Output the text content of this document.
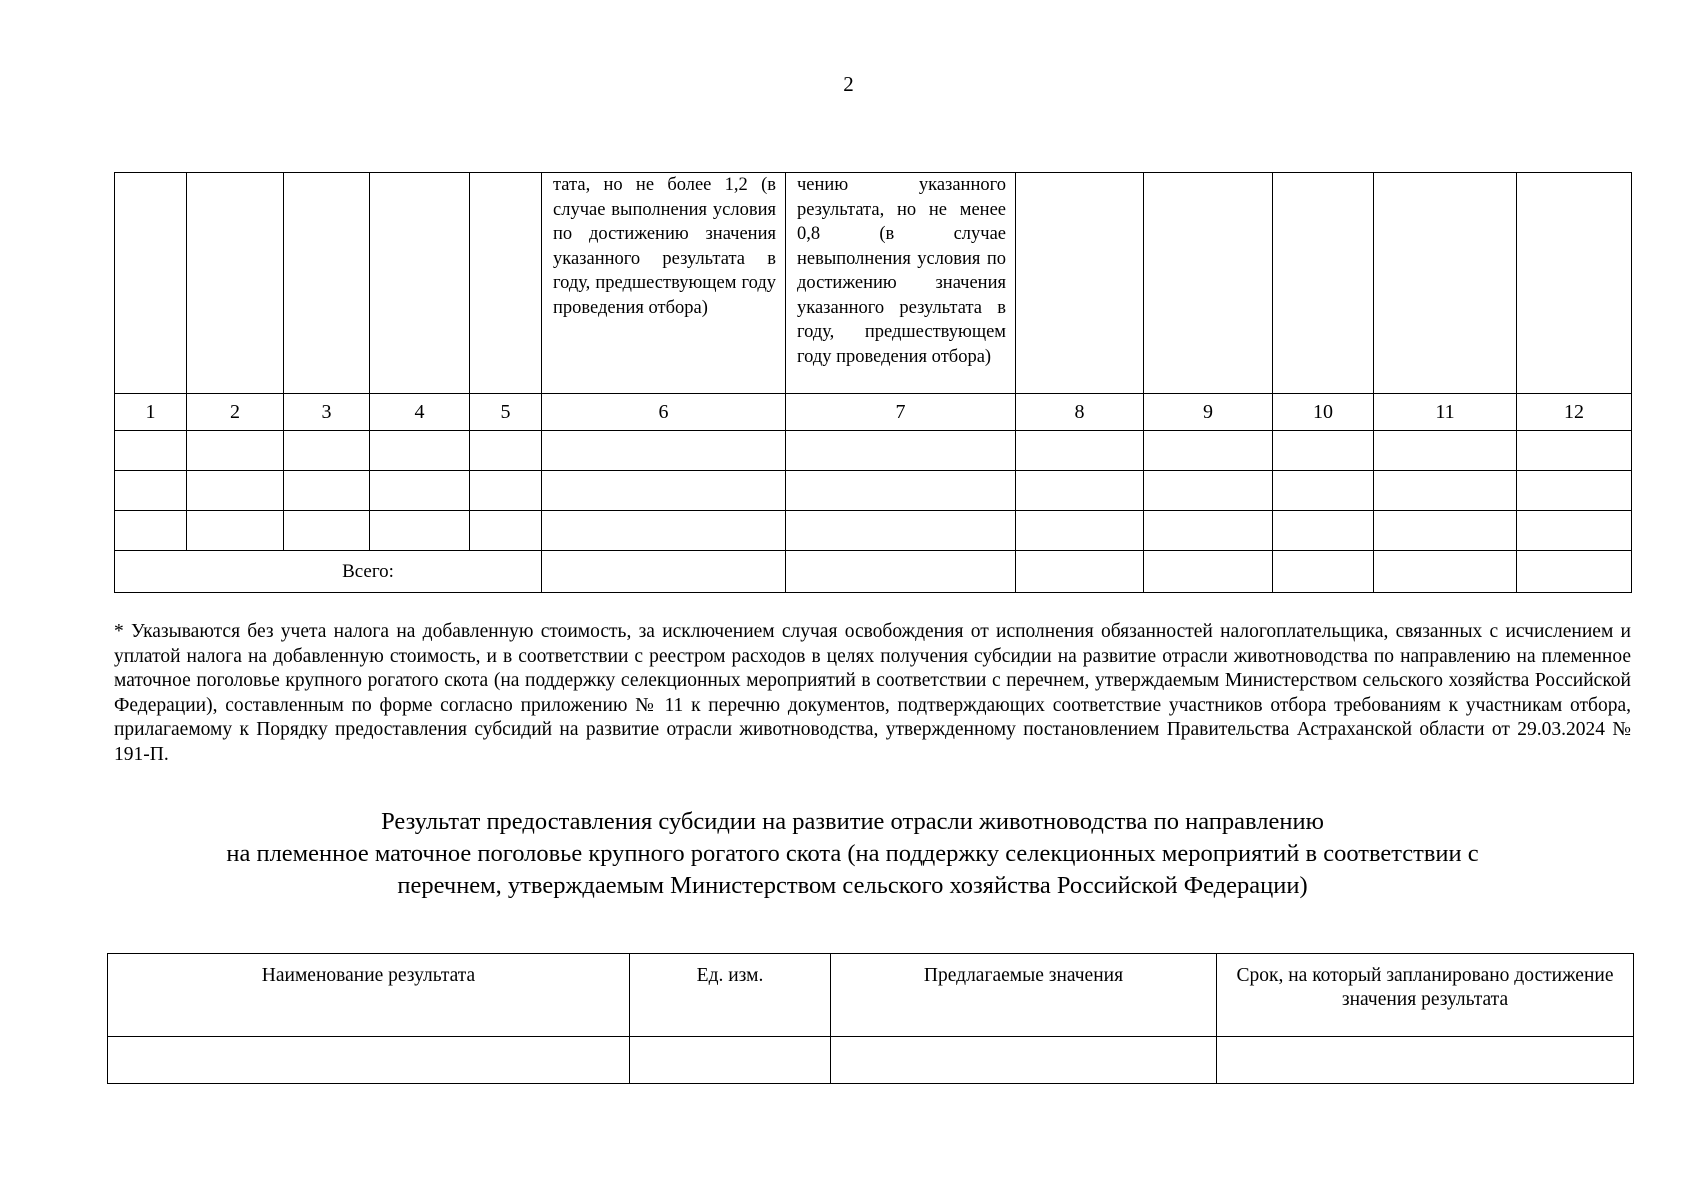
2

					тата, но не более 1,2 (в случае выполнения условия по достижению значения указанного результата в году, предшествующем году проведения отбора)	чению указанного результата, но не менее 0,8 (в случае невыполнения условия по достижению значения указанного результата в году, предшествующем году проведения отбора)					

1	2	3	4	5	6	7	8	9	10	11	12

Всего:											
* Указываются без учета налога на добавленную стоимость, за исключением случая освобождения от исполнения обязанностей налогоплательщика, связанных с исчислением и уплатой налога на добавленную стоимость, и в соответствии с реестром расходов в целях получения субсидии на развитие отрасли животноводства по направлению на племенное маточное поголовье крупного рогатого скота (на поддержку селекционных мероприятий в соответствии с перечнем, утверждаемым Министерством сельского хозяйства Российской Федерации), составленным по форме согласно приложению № 11 к перечню документов, подтверждающих соответствие участников отбора требованиям к участникам отбора, прилагаемому к Порядку предоставления субсидий на развитие отрасли животноводства, утвержденному постановлением Правительства Астраханской области от 29.03.2024 № 191-П.
Результат предоставления субсидии на развитие отрасли животноводства по направлению
на племенное маточное поголовье крупного рогатого скота (на поддержку селекционных мероприятий в соответствии с
перечнем, утверждаемым Министерством сельского хозяйства Российской Федерации)
Наименование результата	Ед. изм.	Предлагаемые значения	Срок, на который запланировано достижение значения результата
